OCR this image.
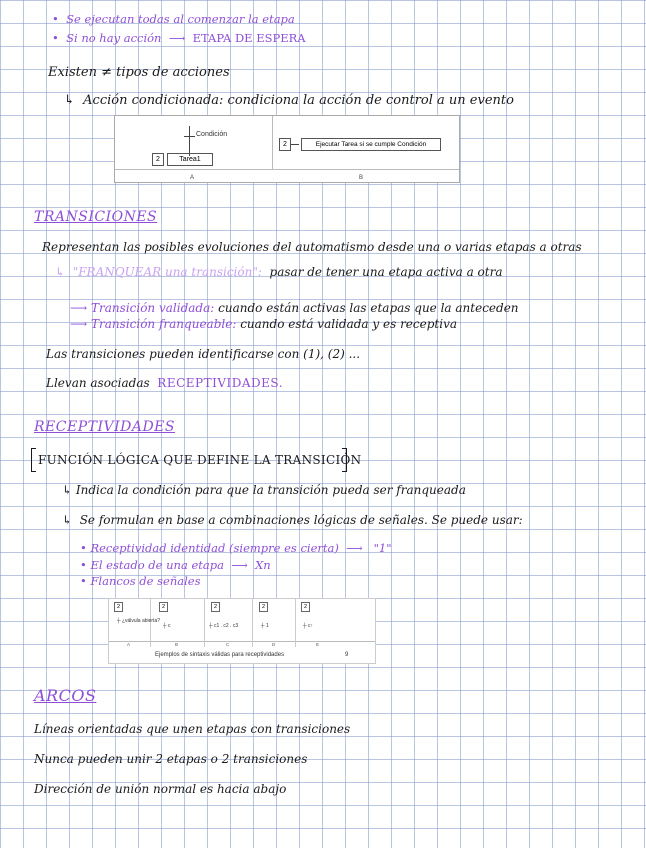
•  Se ejecutan todas al comenzar la etapa
•  Si no hay acción  ⟶  ETAPA DE ESPERA
Existen ≠ tipos de acciones
↳  Acción condicionada: condiciona la acción de control a un evento
Condición
2	Tarea1
2	Ejecutar Tarea si se cumple Condición
A	B
TRANSICIONES
Representan las posibles evoluciones del automatismo desde una o varias etapas a otras
↳  "FRANQUEAR una transición": pasar de tener una etapa activa a otra
⟶ Transición validada: cuando están activas las etapas que la anteceden
⟶ Transición franqueable: cuando está validada y es receptiva
Las transiciones pueden identificarse con (1), (2) ...
Llevan asociadas RECEPTIVIDADES.
RECEPTIVIDADES
FUNCIÓN LÓGICA QUE DEFINE LA TRANSICIÓN
↳ Indica la condición para que la transición pueda ser franqueada
↳  Se formulan en base a combinaciones lógicas de señales. Se puede usar:
• Receptividad identidad (siempre es cierta)  ⟶   "1"
• El estado de una etapa  ⟶  Xn
• Flancos de señales
2
┼ ¿válvula abierta?
2
┼ c
2
┼ c1 . c2 . c3
2
┼ 1
2
┼ c↑
A	B	C	D	E
Ejemplos de sintaxis válidas para receptividades	9
ARCOS
Líneas orientadas que unen etapas con transiciones
Nunca pueden unir 2 etapas o 2 transiciones
Dirección de unión normal es hacia abajo
